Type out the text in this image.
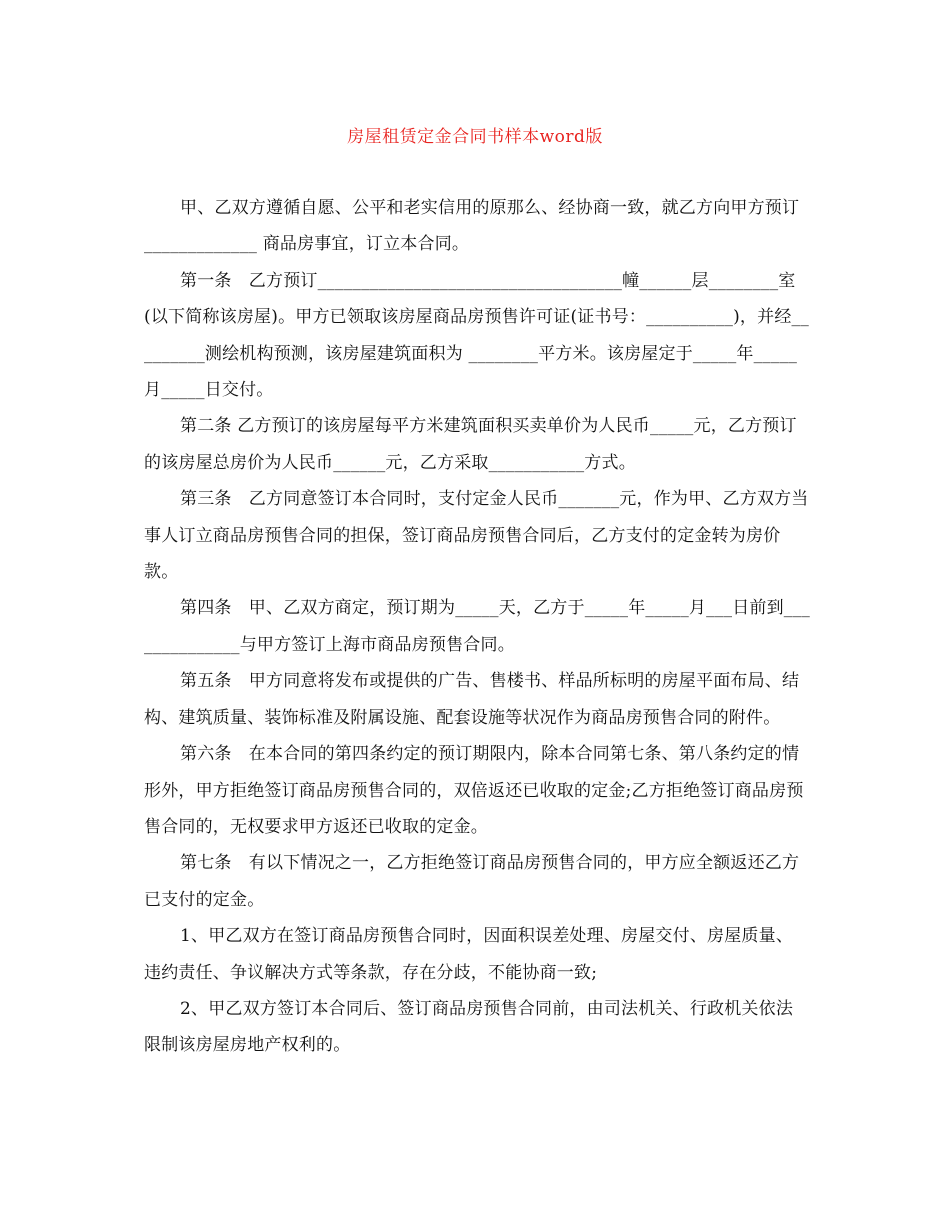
房屋租赁定金合同书样本word版

甲、乙双方遵循自愿、公平和老实信用的原那么、经协商一致，就乙方向甲方预订 _____________ 商品房事宜，订立本合同。

第一条　乙方预订___________________________________幢______层________室(以下简称该房屋)。甲方已领取该房屋商品房预售许可证(证书号：__________)，并经_________测绘机构预测，该房屋建筑面积为 ________平方米。该房屋定于_____年_____月_____日交付。

第二条 乙方预订的该房屋每平方米建筑面积买卖单价为人民币_____元，乙方预订的该房屋总房价为人民币______元，乙方采取___________方式。

第三条　乙方同意签订本合同时，支付定金人民币_______元，作为甲、乙方双方当事人订立商品房预售合同的担保，签订商品房预售合同后，乙方支付的定金转为房价款。

第四条　甲、乙双方商定，预订期为_____天，乙方于_____年_____月___日前到______________与甲方签订上海市商品房预售合同。

第五条　甲方同意将发布或提供的广告、售楼书、样品所标明的房屋平面布局、结构、建筑质量、装饰标准及附属设施、配套设施等状况作为商品房预售合同的附件。

第六条　在本合同的第四条约定的预订期限内，除本合同第七条、第八条约定的情形外，甲方拒绝签订商品房预售合同的，双倍返还已收取的定金;乙方拒绝签订商品房预售合同的，无权要求甲方返还已收取的定金。

第七条　有以下情况之一，乙方拒绝签订商品房预售合同的，甲方应全额返还乙方已支付的定金。

1、甲乙双方在签订商品房预售合同时，因面积误差处理、房屋交付、房屋质量、违约责任、争议解决方式等条款，存在分歧，不能协商一致;

2、甲乙双方签订本合同后、签订商品房预售合同前，由司法机关、行政机关依法限制该房屋房地产权利的。
